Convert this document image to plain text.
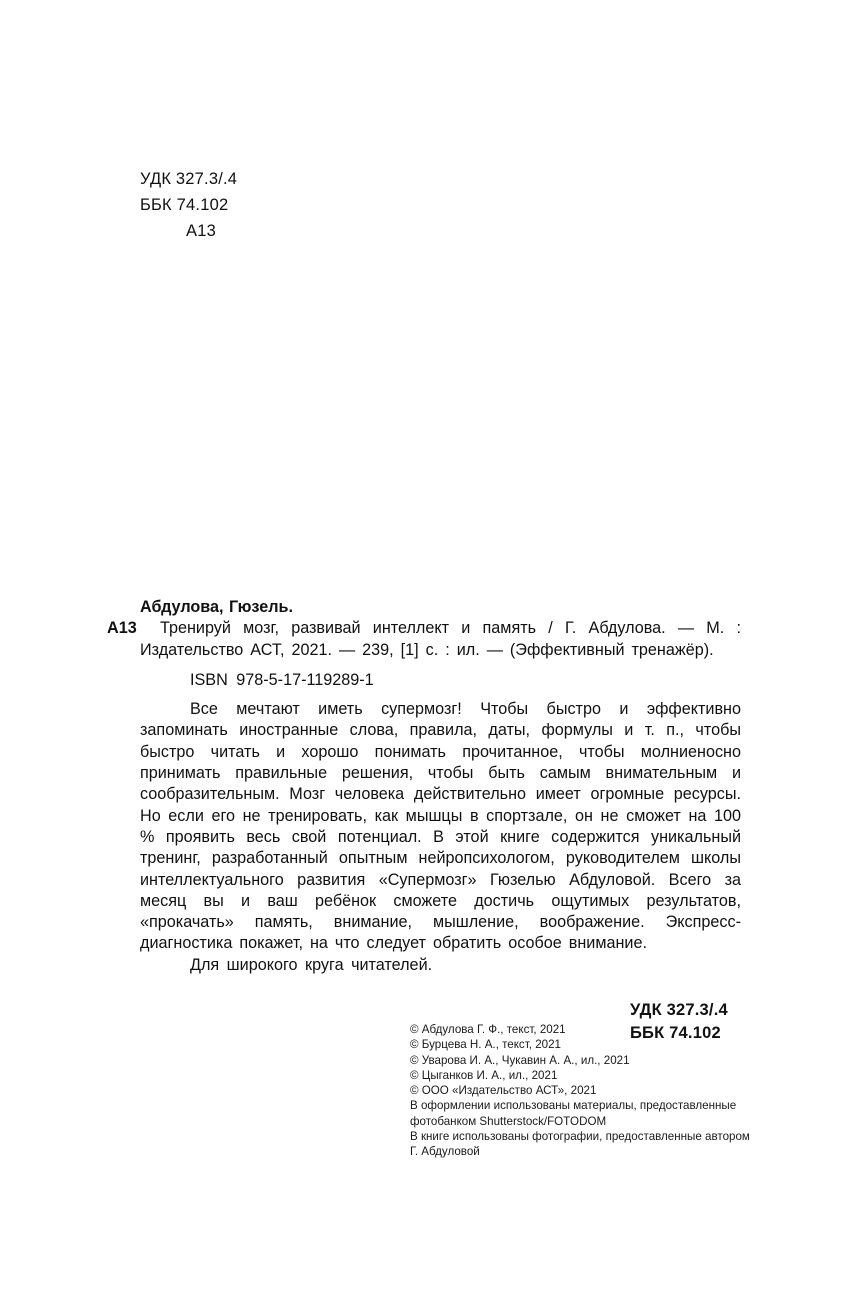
УДК 327.3/.4
ББК 74.102
А13
Абдулова, Гюзель.
А13 Тренируй мозг, развивай интеллект и память / Г. Абдулова. — М. : Издательство АСТ, 2021. — 239, [1] с. : ил. — (Эффективный тренажёр).
ISBN 978-5-17-119289-1
Все мечтают иметь супермозг! Чтобы быстро и эффективно запоминать иностранные слова, правила, даты, формулы и т. п., чтобы быстро читать и хорошо понимать прочитанное, чтобы молниеносно принимать правильные решения, чтобы быть самым внимательным и сообразительным. Мозг человека действительно имеет огромные ресурсы. Но если его не тренировать, как мышцы в спортзале, он не сможет на 100 % проявить весь свой потенциал. В этой книге содержится уникальный тренинг, разработанный опытным нейропсихологом, руководителем школы интеллектуального развития «Супермозг» Гюзелью Абдуловой. Всего за месяц вы и ваш ребёнок сможете достичь ощутимых результатов, «прокачать» память, внимание, мышление, воображение. Экспресс-диагностика покажет, на что следует обратить особое внимание.
Для широкого круга читателей.
УДК 327.3/.4
ББК 74.102
© Абдулова Г. Ф., текст, 2021
© Бурцева Н. А., текст, 2021
© Уварова И. А., Чукавин А. А., ил., 2021
© Цыганков И. А., ил., 2021
© ООО «Издательство АСТ», 2021
В оформлении использованы материалы, предоставленные фотобанком Shutterstock/FOTODOM
В книге использованы фотографии, предоставленные автором Г. Абдуловой
